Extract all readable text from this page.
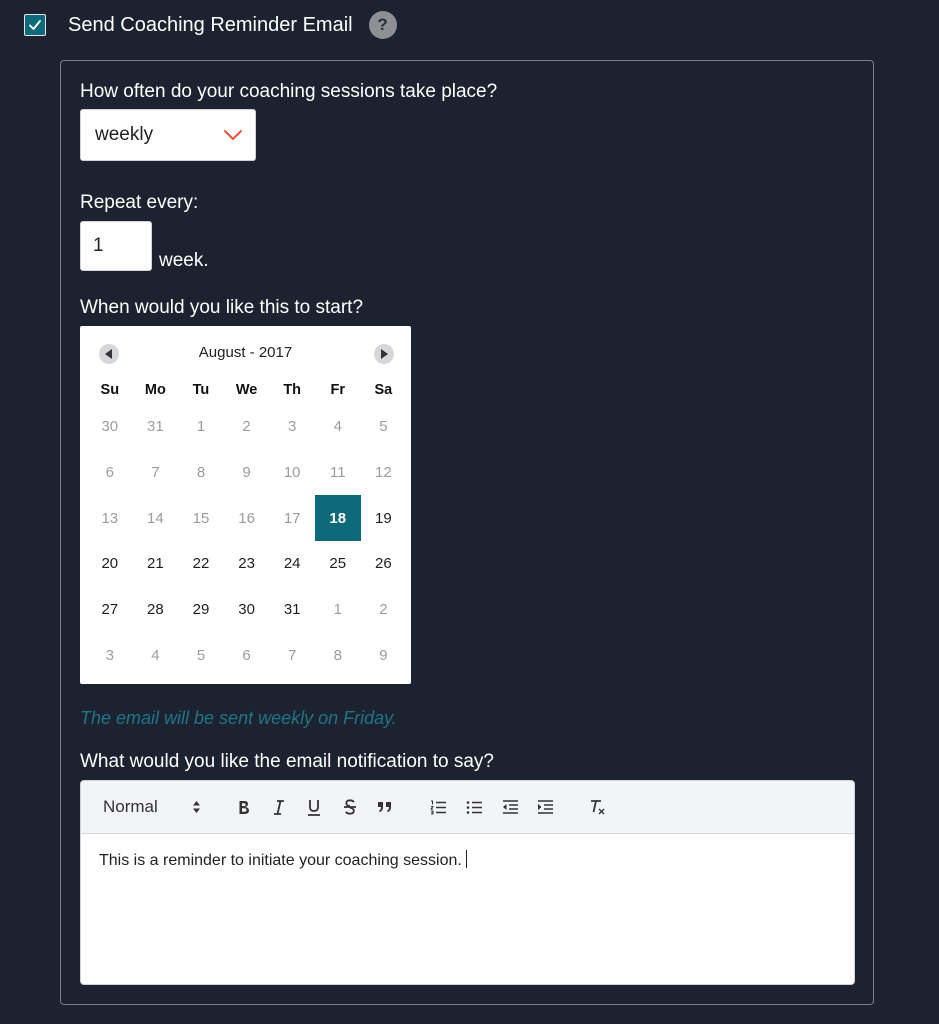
Send Coaching Reminder Email	?
How often do your coaching sessions take place?
weekly
Repeat every:
1
week.
When would you like this to start?
August - 2017
Su	Mo	Tu	We	Th	Fr	Sa
30	31	1	2	3	4	5
6	7	8	9	10	11	12
13	14	15	16	17	18	19
20	21	22	23	24	25	26
27	28	29	30	31	1	2
3	4	5	6	7	8	9
The email will be sent weekly on Friday.
What would you like the email notification to say?
Normal
This is a reminder to initiate your coaching session.
